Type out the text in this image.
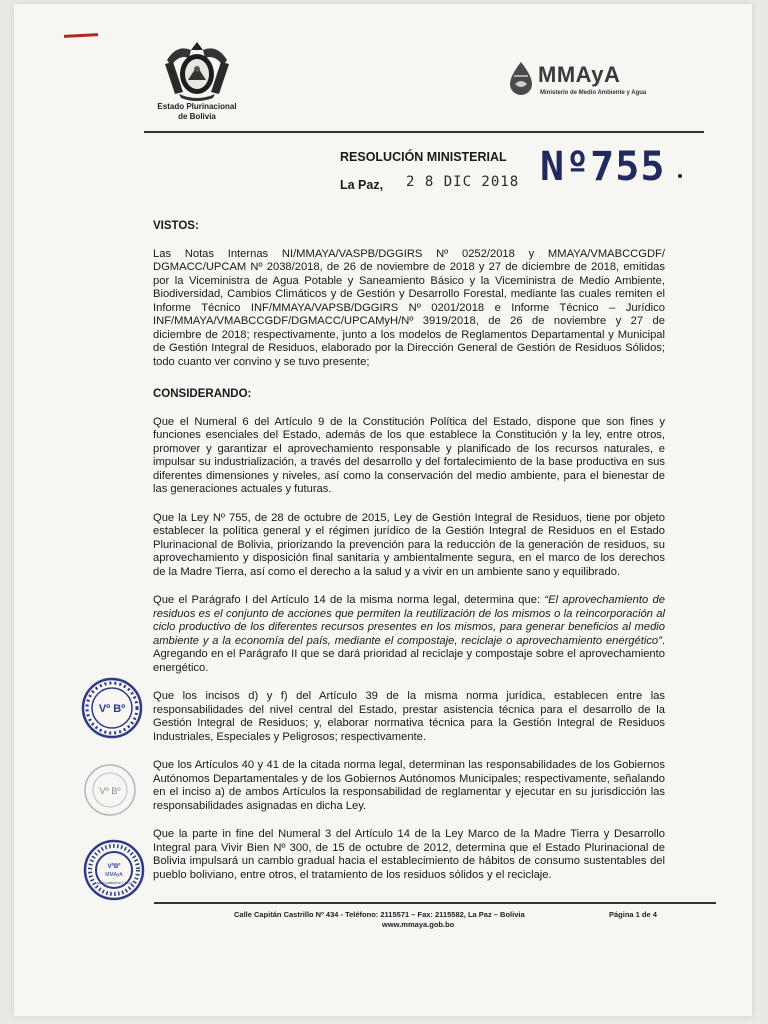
Estado Plurinacional
de Bolivia
MMAyA
Ministerio de Medio Ambiente y Agua
RESOLUCIÓN MINISTERIAL
La Paz, 2 8 DIC 2018 Nº755
VISTOS:

Las Notas Internas NI/MMAYA/VASPB/DGGIRS Nº 0252/2018 y MMAYA/VMABCCGDF/ DGMACC/UPCAM Nº 2038/2018, de 26 de noviembre de 2018 y 27 de diciembre de 2018, emitidas por la Viceministra de Agua Potable y Saneamiento Básico y la Viceministra de Medio Ambiente, Biodiversidad, Cambios Climáticos y de Gestión y Desarrollo Forestal, mediante las cuales remiten el Informe Técnico INF/MMAYA/VAPSB/DGGIRS Nº 0201/2018 e Informe Técnico – Jurídico INF/MMAYA/VMABCCGDF/DGMACC/UPCAMyH/Nº 3919/2018, de 26 de noviembre y 27 de diciembre de 2018; respectivamente, junto a los modelos de Reglamentos Departamental y Municipal de Gestión Integral de Residuos, elaborado por la Dirección General de Gestión de Residuos Sólidos; todo cuanto ver convino y se tuvo presente;

CONSIDERANDO:

Que el Numeral 6 del Artículo 9 de la Constitución Política del Estado, dispone que son fines y funciones esenciales del Estado, además de los que establece la Constitución y la ley, entre otros, promover y garantizar el aprovechamiento responsable y planificado de los recursos naturales, e impulsar su industrialización, a través del desarrollo y del fortalecimiento de la base productiva en sus diferentes dimensiones y niveles, así como la conservación del medio ambiente, para el bienestar de las generaciones actuales y futuras.

Que la Ley Nº 755, de 28 de octubre de 2015, Ley de Gestión Integral de Residuos, tiene por objeto establecer la política general y el régimen jurídico de la Gestión Integral de Residuos en el Estado Plurinacional de Bolivia, priorizando la prevención para la reducción de la generación de residuos, su aprovechamiento y disposición final sanitaria y ambientalmente segura, en el marco de los derechos de la Madre Tierra, así como el derecho a la salud y a vivir en un ambiente sano y equilibrado.

Que el Parágrafo I del Artículo 14 de la misma norma legal, determina que: “El aprovechamiento de residuos es el conjunto de acciones que permiten la reutilización de los mismos o la reincorporación al ciclo productivo de los diferentes recursos presentes en los mismos, para generar beneficios al medio ambiente y a la economía del país, mediante el compostaje, reciclaje o aprovechamiento energético”. Agregando en el Parágrafo II que se dará prioridad al reciclaje y compostaje sobre el aprovechamiento energético.

Que los incisos d) y f) del Artículo 39 de la misma norma jurídica, establecen entre las responsabilidades del nivel central del Estado, prestar asistencia técnica para el desarrollo de la Gestión Integral de Residuos; y, elaborar normativa técnica para la Gestión Integral de Residuos Industriales, Especiales y Peligrosos; respectivamente.

Que los Artículos 40 y 41 de la citada norma legal, determinan las responsabilidades de los Gobiernos Autónomos Departamentales y de los Gobiernos Autónomos Municipales; respectivamente, señalando en el inciso a) de ambos Artículos la responsabilidad de reglamentar y ejecutar en su jurisdicción las responsabilidades asignadas en dicha Ley.

Que la parte in fine del Numeral 3 del Artículo 14 de la Ley Marco de la Madre Tierra y Desarrollo Integral para Vivir Bien Nº 300, de 15 de octubre de 2012, determina que el Estado Plurinacional de Bolivia impulsará un cambio gradual hacia el establecimiento de hábitos de consumo sustentables del pueblo boliviano, entre otros, el tratamiento de los residuos sólidos y el reciclaje.

Vº Bº
Vº Bº
VºBº
MMAyA
MEDIO AMBIENTE Y AGUA
Calle Capitán Castrillo Nº 434 - Teléfono: 2115571 – Fax: 2115582, La Paz – Bolivia
www.mmaya.gob.bo
Página 1 de 4
